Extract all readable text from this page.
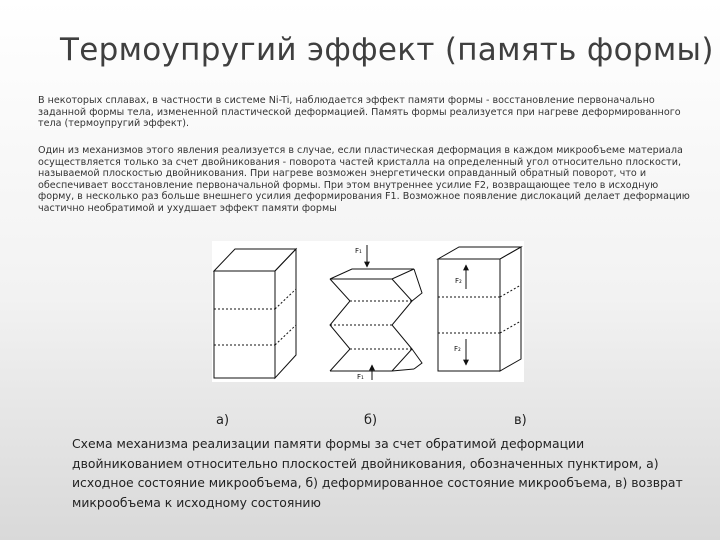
Термоупругий эффект (память формы)
В некоторых сплавах, в частности в системе Ni-Ti, наблюдается эффект памяти формы - восстановление первоначально заданной формы тела, измененной пластической деформацией. Память формы реализуется при нагреве деформированного тела (термоупругий эффект).
Один из механизмов этого явления реализуется в случае, если пластическая деформация в каждом микрообъеме материала осуществляется только за счет двойникования - поворота частей кристалла на определенный угол относительно плоскости, называемой плоскостью двойникования. При нагреве возможен энергетически оправданный обратный поворот, что и обеспечивает восстановление первоначальной формы. При этом внутреннее усилие F2, возвращающее тело в исходную форму, в несколько раз больше внешнего усилия деформирования F1. Возможное появление дислокаций делает деформацию частично необратимой и ухудшает эффект памяти формы
F₁
F₁
F₂
F₂
а)	б)	в)
Схема механизма реализации памяти формы за счет обратимой деформации двойникованием относительно плоскостей двойникования, обозначенных пунктиром, а) исходное состояние микрообъема, б) деформированное состояние микрообъема, в) возврат микрообъема к исходному состоянию
